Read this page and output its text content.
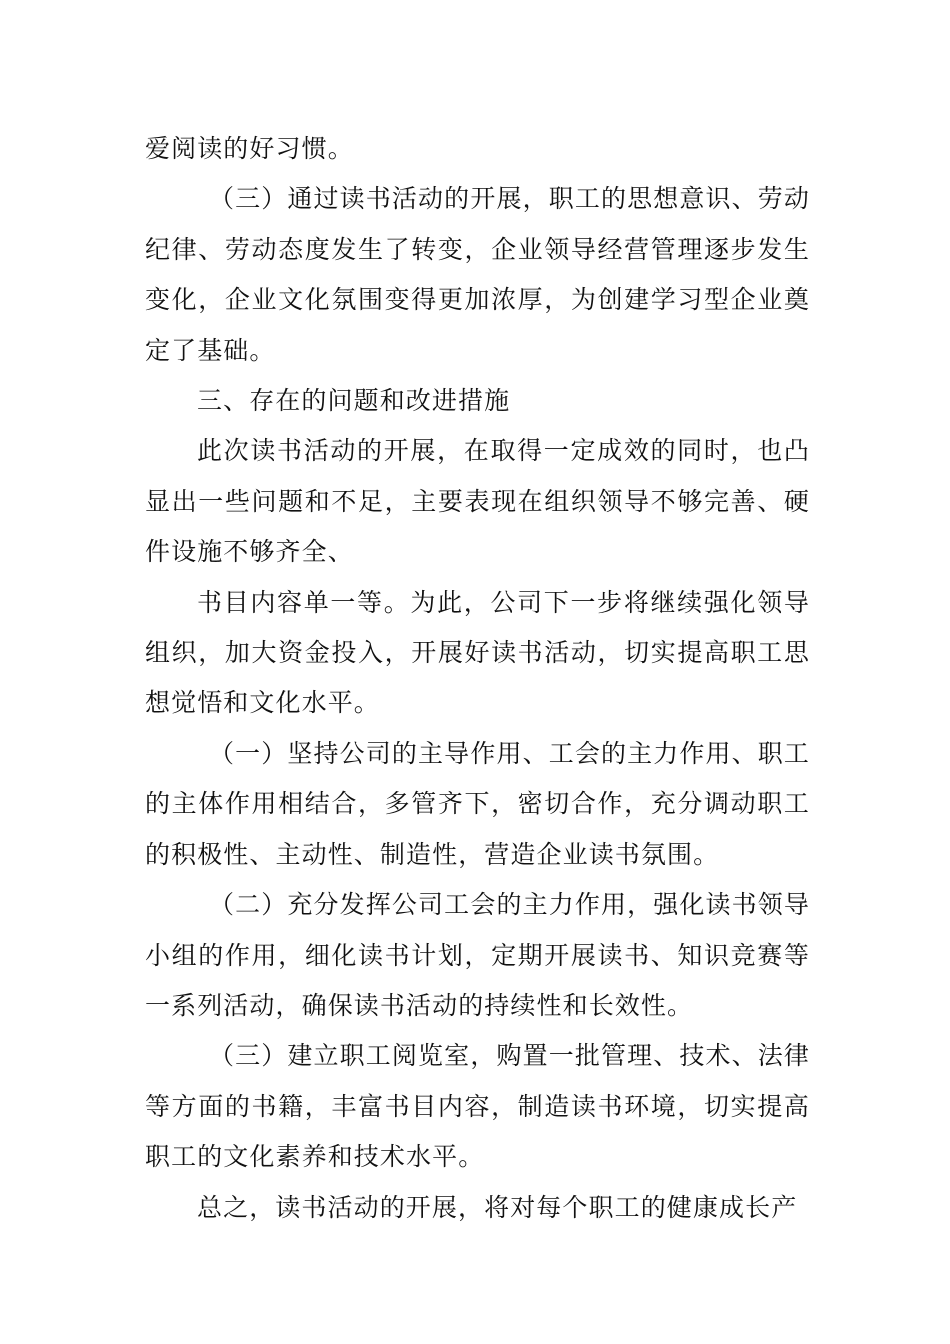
爱阅读的好习惯。

（三）通过读书活动的开展，职工的思想意识、劳动纪律、劳动态度发生了转变，企业领导经营管理逐步发生变化，企业文化氛围变得更加浓厚，为创建学习型企业奠定了基础。

三、存在的问题和改进措施

此次读书活动的开展，在取得一定成效的同时，也凸显出一些问题和不足，主要表现在组织领导不够完善、硬件设施不够齐全、

书目内容单一等。为此，公司下一步将继续强化领导组织，加大资金投入，开展好读书活动，切实提高职工思想觉悟和文化水平。

（一）坚持公司的主导作用、工会的主力作用、职工的主体作用相结合，多管齐下，密切合作，充分调动职工的积极性、主动性、制造性，营造企业读书氛围。

（二）充分发挥公司工会的主力作用，强化读书领导小组的作用，细化读书计划，定期开展读书、知识竞赛等一系列活动，确保读书活动的持续性和长效性。

（三）建立职工阅览室，购置一批管理、技术、法律等方面的书籍，丰富书目内容，制造读书环境，切实提高职工的文化素养和技术水平。

总之，读书活动的开展，将对每个职工的健康成长产
